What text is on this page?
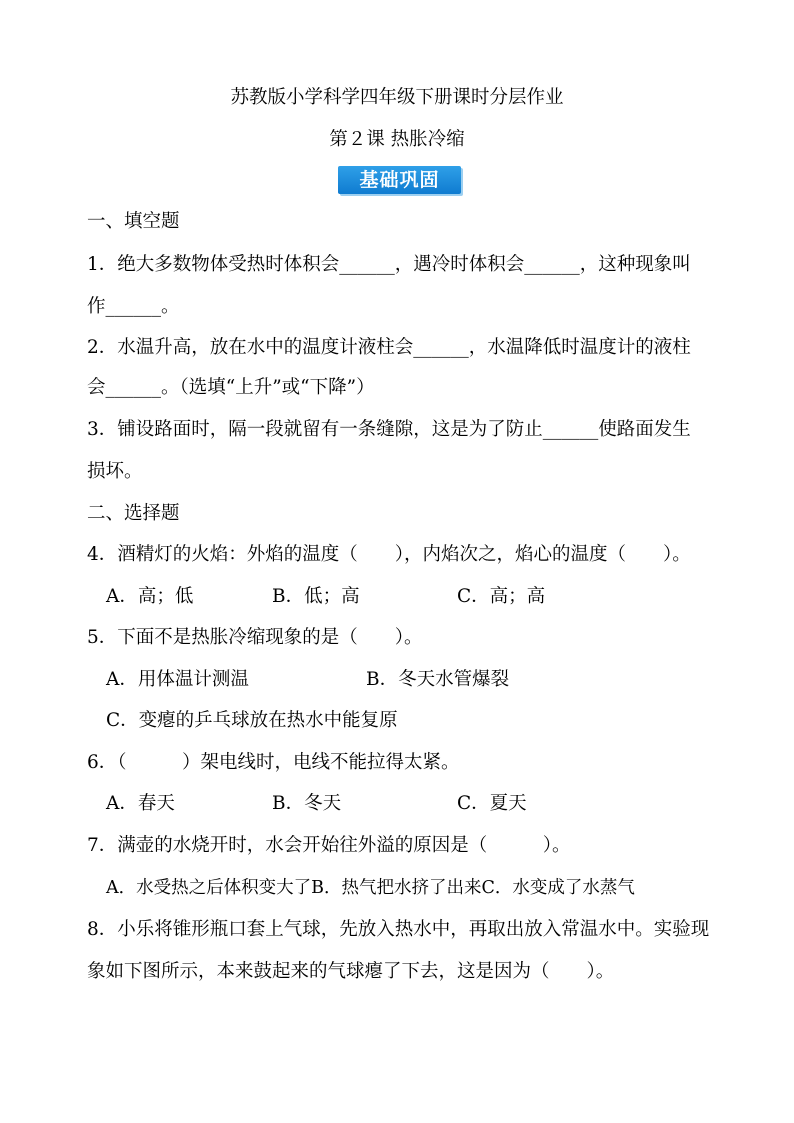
苏教版小学科学四年级下册课时分层作业
第２课 热胀冷缩
基础巩固
一、填空题
1．绝大多数物体受热时体积会______，遇冷时体积会______，这种现象叫
作______。
2．水温升高，放在水中的温度计液柱会______，水温降低时温度计的液柱
会______。（选填“上升”或“下降”）
3．铺设路面时，隔一段就留有一条缝隙，这是为了防止______使路面发生
损坏。
二、选择题
4．酒精灯的火焰：外焰的温度（　　），内焰次之，焰心的温度（　　）。
A．高；低	B．低；高	C．高；高
5．下面不是热胀冷缩现象的是（　　）。
A．用体温计测温	B．冬天水管爆裂
C．变瘪的乒乓球放在热水中能复原
6．（　　　）架电线时，电线不能拉得太紧。
A．春天	B．冬天	C．夏天
7．满壶的水烧开时，水会开始往外溢的原因是（　　　）。
A．水受热之后体积变大了B．热气把水挤了出来C．水变成了水蒸气
8．小乐将锥形瓶口套上气球，先放入热水中，再取出放入常温水中。实验现
象如下图所示，本来鼓起来的气球瘪了下去，这是因为（　　）。
